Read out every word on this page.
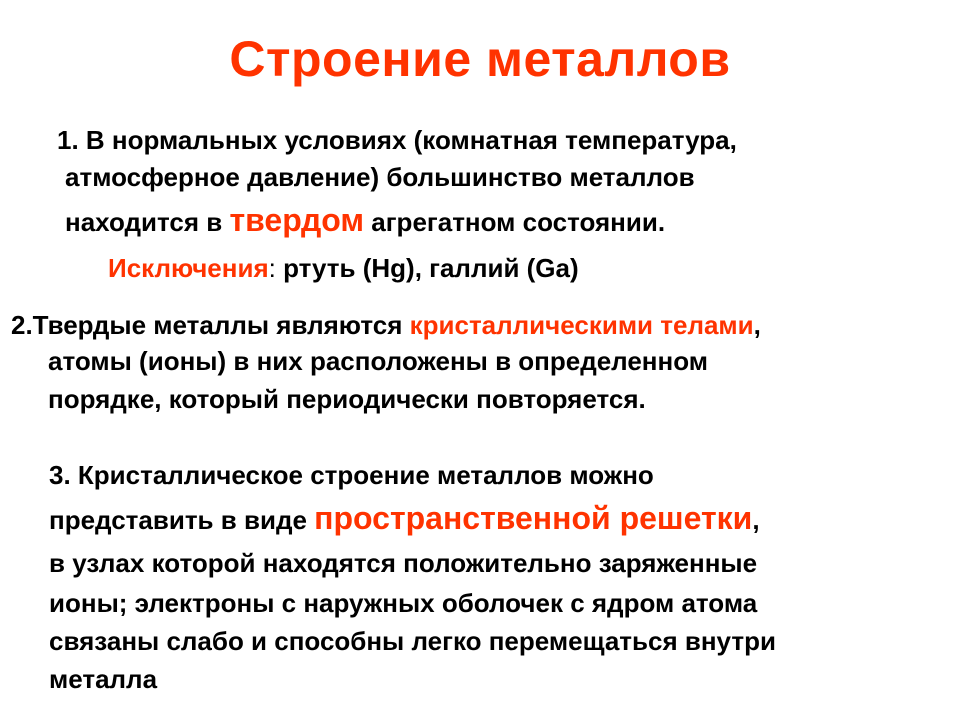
Строение металлов
1. В нормальных условиях (комнатная температура,
атмосферное давление) большинство металлов
находится в твердом агрегатном состоянии.
Исключения: ртуть (Hg), галлий (Ga)
2.Твердые металлы являются кристаллическими телами,
атомы (ионы) в них расположены в определенном
порядке, который периодически повторяется.
3. Кристаллическое строение металлов можно
представить в виде пространственной решетки,
в узлах которой находятся положительно заряженные
ионы; электроны с наружных оболочек с ядром атома
связаны слабо и способны легко перемещаться внутри
металла
